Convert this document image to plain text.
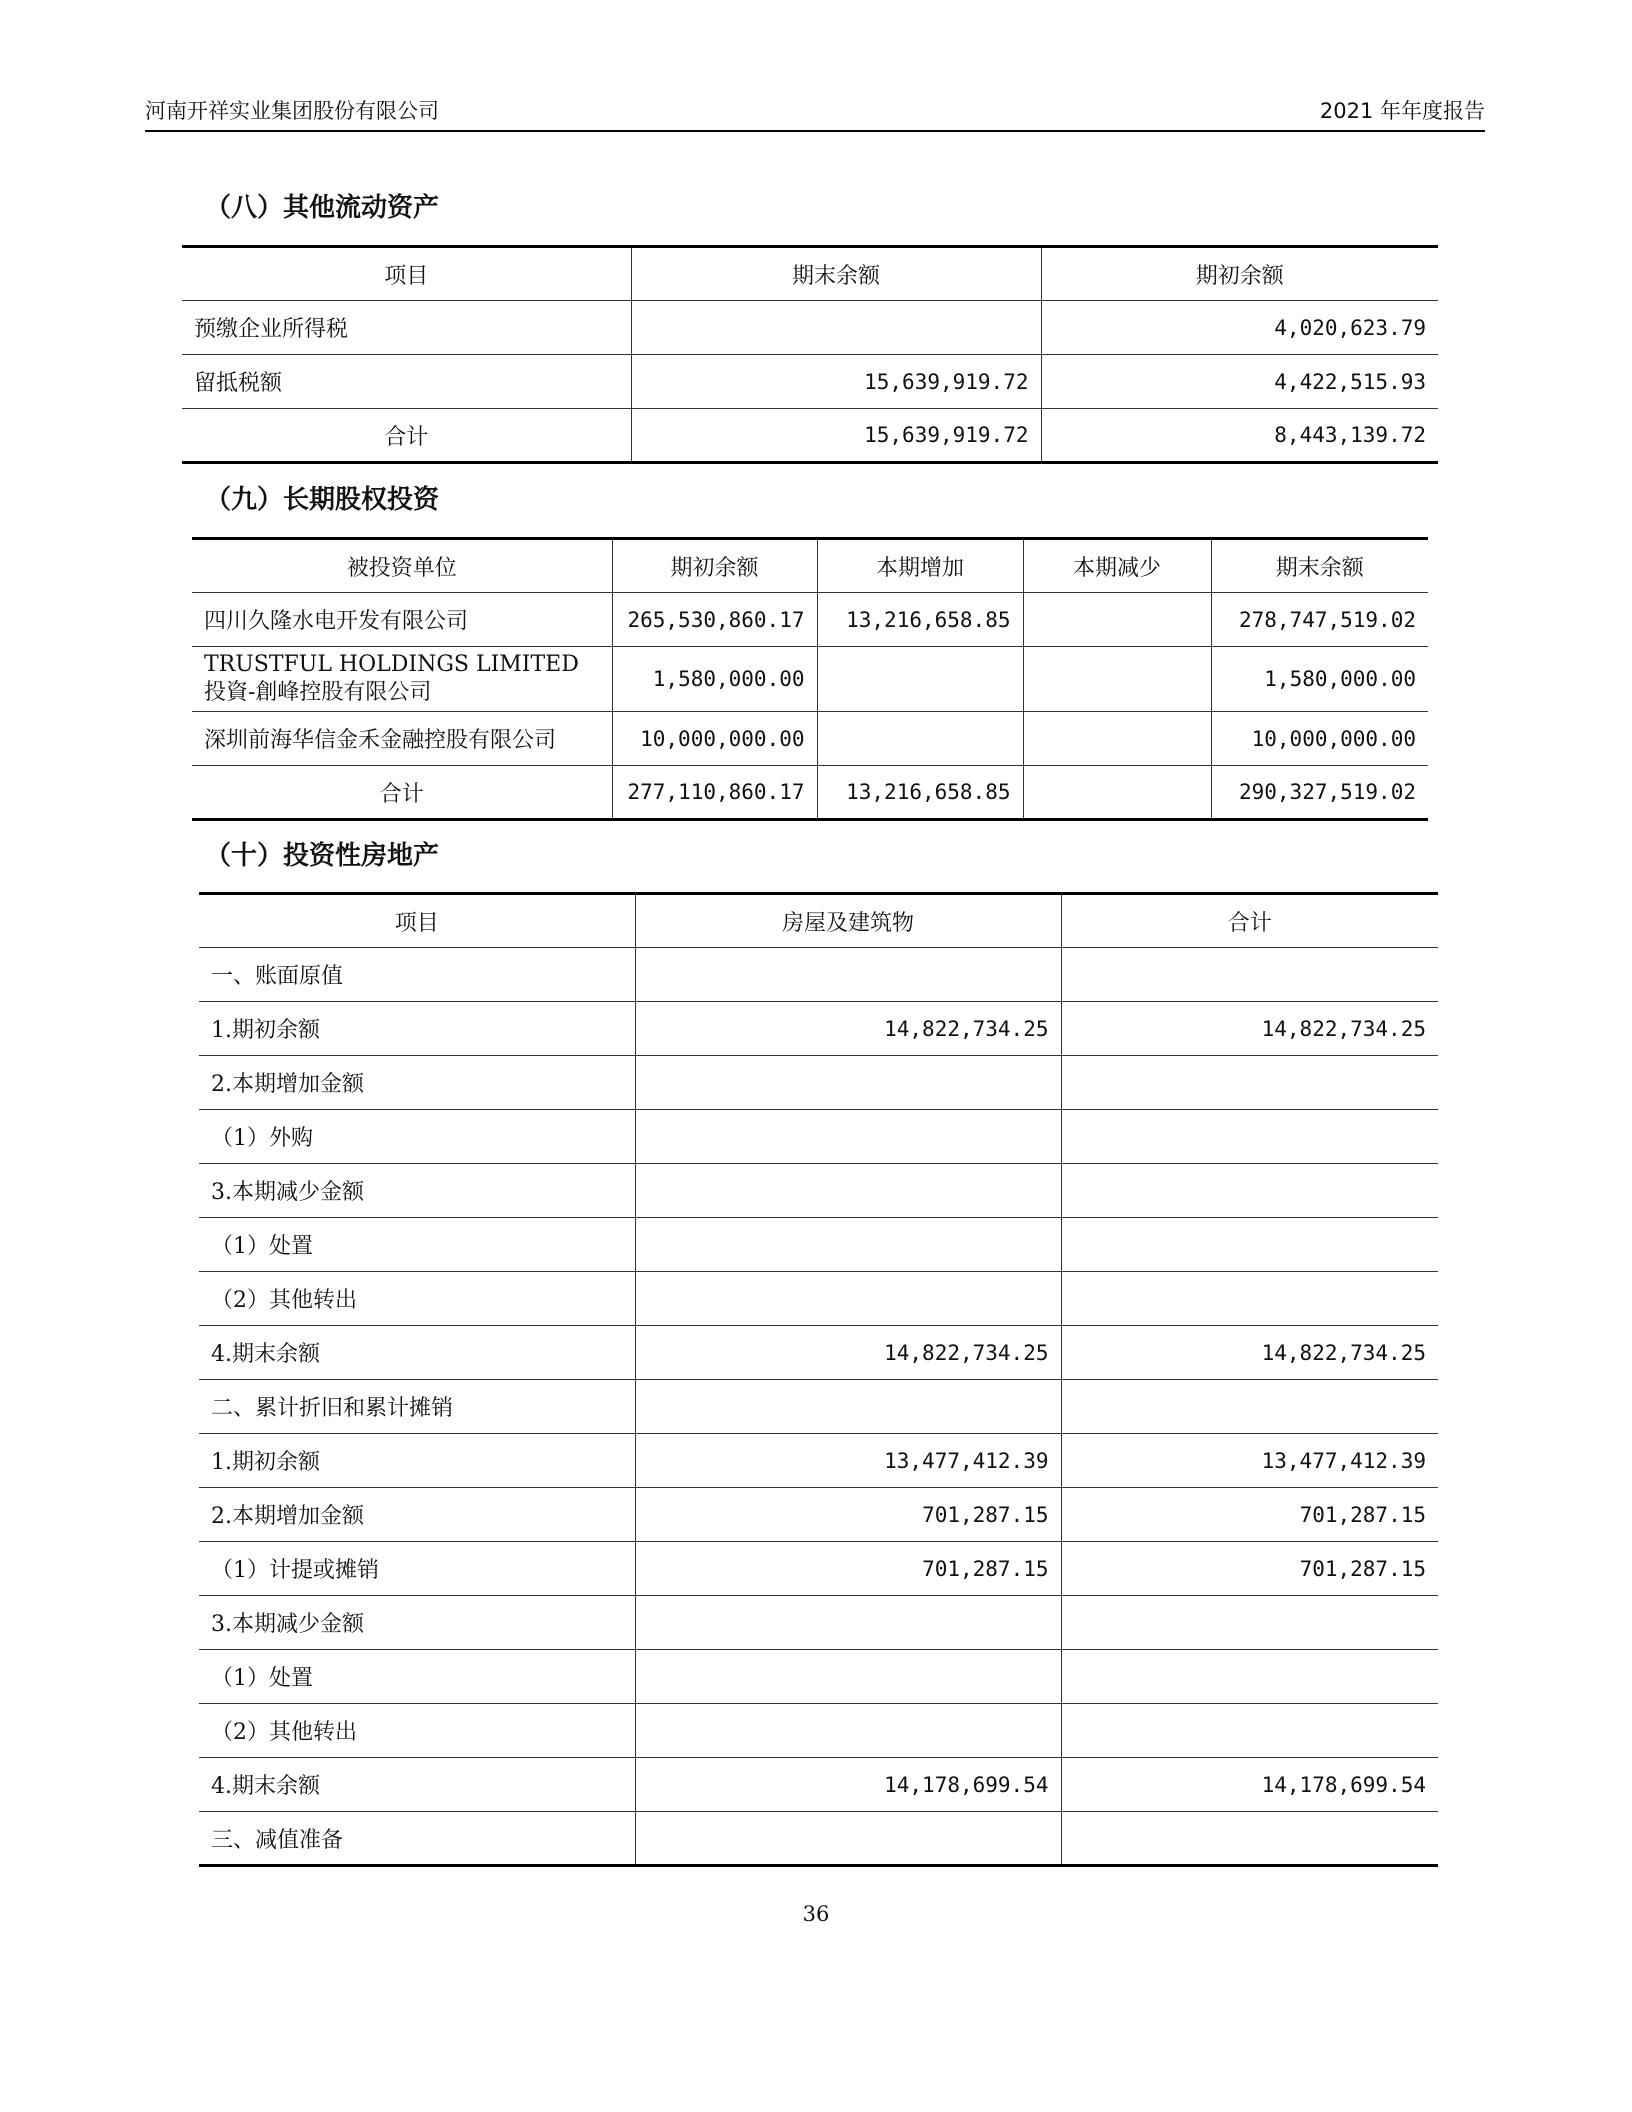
河南开祥实业集团股份有限公司	2021 年年度报告
（八）其他流动资产
项目	期末余额	期初余额
预缴企业所得税		4,020,623.79
留抵税额	15,639,919.72	4,422,515.93
合计	15,639,919.72	8,443,139.72
（九）长期股权投资
被投资单位	期初余额	本期增加	本期减少	期末余额
四川久隆水电开发有限公司	265,530,860.17	13,216,658.85		278,747,519.02
TRUSTFUL HOLDINGS LIMITED 投資-創峰控股有限公司	1,580,000.00			1,580,000.00
深圳前海华信金禾金融控股有限公司	10,000,000.00			10,000,000.00
合计	277,110,860.17	13,216,658.85		290,327,519.02
（十）投资性房地产
项目	房屋及建筑物	合计
一、账面原值		
1.期初余额	14,822,734.25	14,822,734.25
2.本期增加金额		
（1）外购		
3.本期减少金额		
（1）处置		
（2）其他转出		
4.期末余额	14,822,734.25	14,822,734.25
二、累计折旧和累计摊销		
1.期初余额	13,477,412.39	13,477,412.39
2.本期增加金额	701,287.15	701,287.15
（1）计提或摊销	701,287.15	701,287.15
3.本期减少金额		
（1）处置		
（2）其他转出		
4.期末余额	14,178,699.54	14,178,699.54
三、减值准备		
36
